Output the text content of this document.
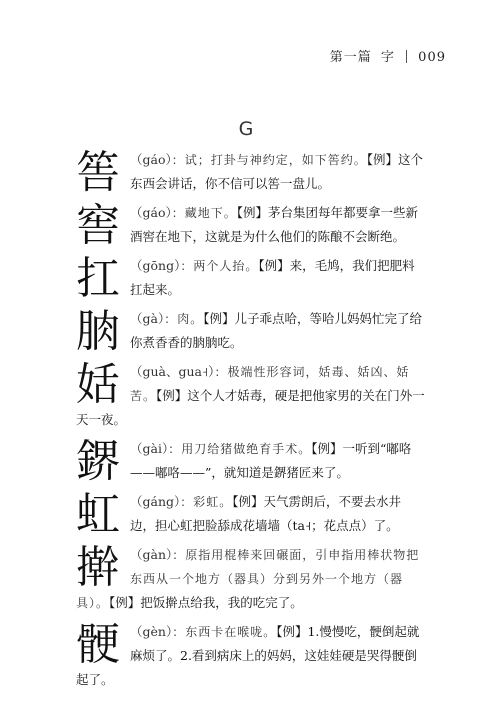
第一篇 字 009
G
筶 （gáo）：试；打卦与神约定，如下筶约。【例】这个东西会讲话，你不信可以筶一盘儿。
窖 （gáo）：藏地下。【例】茅台集团每年都要拿一些新酒窖在地下，这就是为什么他们的陈酿不会断绝。
扛 （gōng）：两个人抬。【例】来，毛鸠，我们把肥料扛起来。
朒 （gà）：肉。【例】儿子乖点哈，等哈儿妈妈忙完了给你煮香香的朒朒吃。
姡 （guà、gua˧）：极端性形容词，姡毒、姡凶、姡苦。【例】这个人才姡毒，硬是把他家男的关在门外一天一夜。
鎅 （gài）：用刀给猪做绝育手术。【例】一听到“嘟咯——嘟咯——”，就知道是鎅猪匠来了。
虹 （gáng）：彩虹。【例】天气雳朗后，不要去水井边，担心虹把脸舔成花墙墙（ta˧；花点点）了。
擀 （gàn）：原指用棍棒来回碾面，引申指用棒状物把东西从一个地方（器具）分到另外一个地方（器具）。【例】把饭擀点给我，我的吃完了。
骾 （gèn）：东西卡在喉咙。【例】1.慢慢吃，骾倒起就麻烦了。2.看到病床上的妈妈，这娃娃硬是哭得骾倒起了。
